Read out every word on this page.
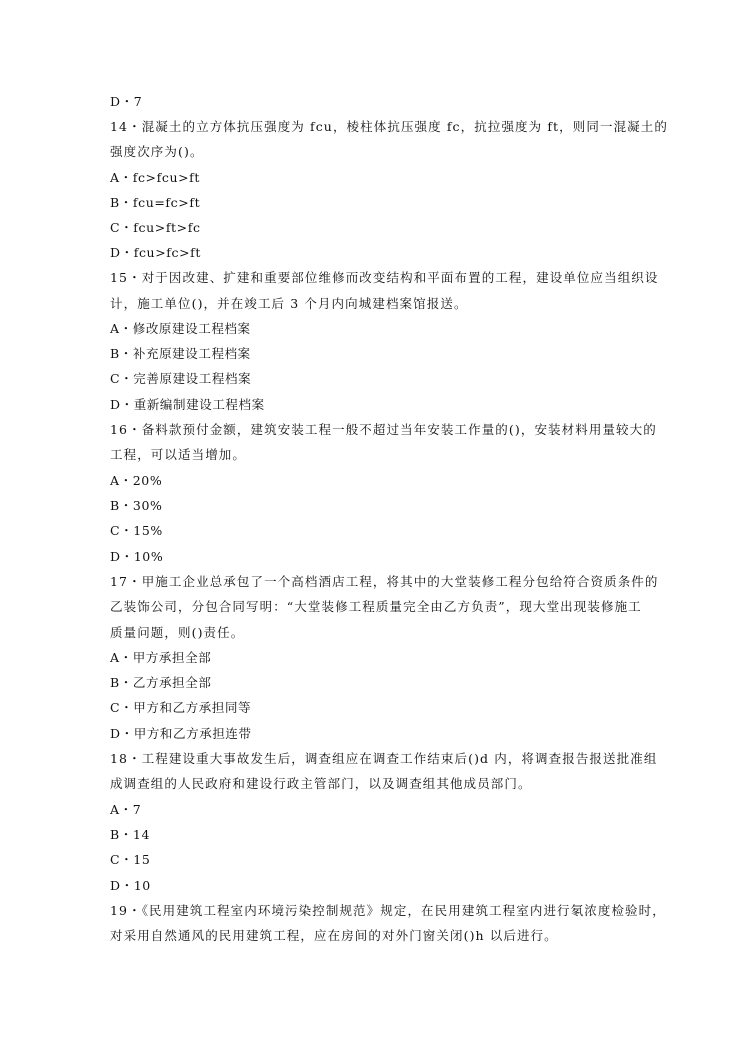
D・7
14・混凝土的立方体抗压强度为 fcu，棱柱体抗压强度 fc，抗拉强度为 ft，则同一混凝土的
强度次序为()。
A・fc>fcu>ft
B・fcu=fc>ft
C・fcu>ft>fc
D・fcu>fc>ft
15・对于因改建、扩建和重要部位维修而改变结构和平面布置的工程，建设单位应当组织设
计，施工单位()，并在竣工后 3 个月内向城建档案馆报送。
A・修改原建设工程档案
B・补充原建设工程档案
C・完善原建设工程档案
D・重新编制建设工程档案
16・备料款预付金额，建筑安装工程一般不超过当年安装工作量的()，安装材料用量较大的
工程，可以适当增加。
A・20%
B・30%
C・15%
D・10%
17・甲施工企业总承包了一个高档酒店工程，将其中的大堂装修工程分包给符合资质条件的
乙装饰公司，分包合同写明：“大堂装修工程质量完全由乙方负责”，现大堂出现装修施工
质量问题，则()责任。
A・甲方承担全部
B・乙方承担全部
C・甲方和乙方承担同等
D・甲方和乙方承担连带
18・工程建设重大事故发生后，调查组应在调查工作结束后()d 内，将调查报告报送批准组
成调查组的人民政府和建设行政主管部门，以及调查组其他成员部门。
A・7
B・14
C・15
D・10
19・《民用建筑工程室内环境污染控制规范》规定，在民用建筑工程室内进行氡浓度检验时，
对采用自然通风的民用建筑工程，应在房间的对外门窗关闭()h 以后进行。
